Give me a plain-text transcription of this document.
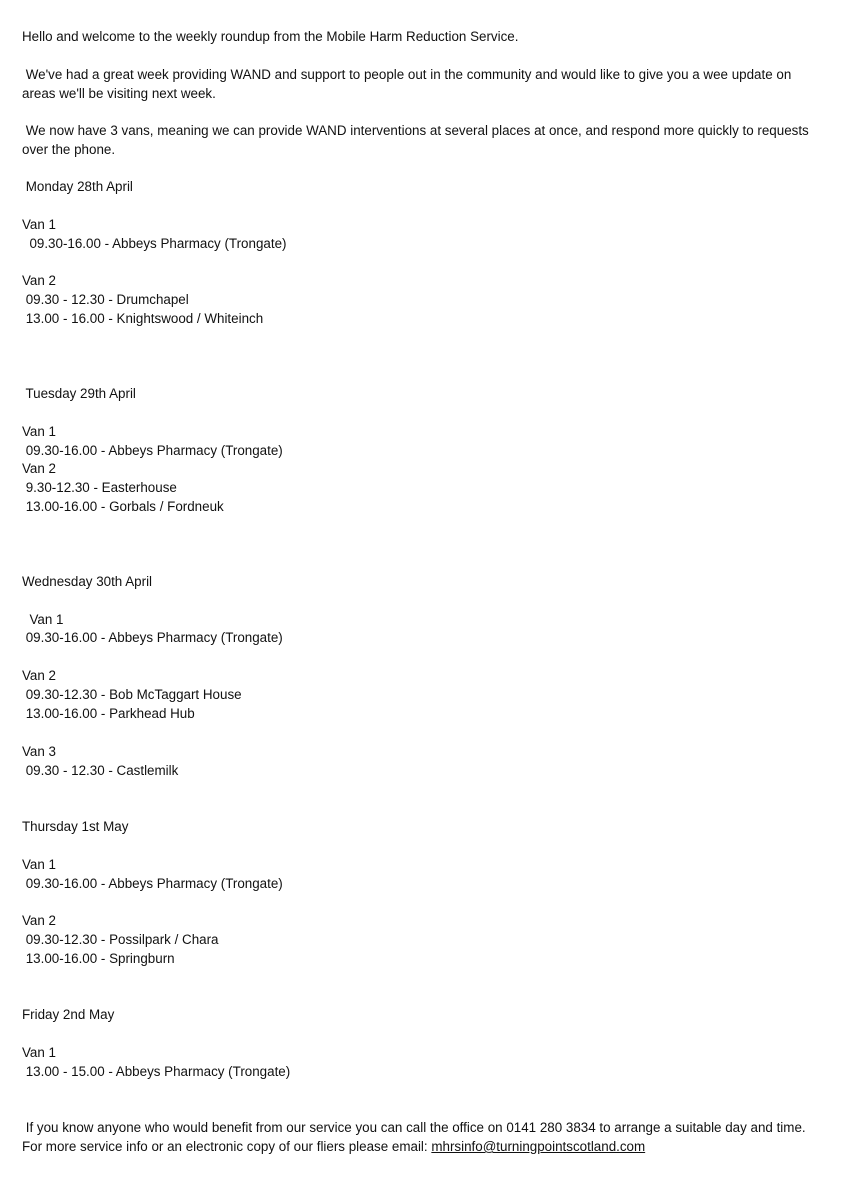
Hello and welcome to the weekly roundup from the Mobile Harm Reduction Service.
We've had a great week providing WAND and support to people out in the community and would like to give you a wee update on areas we'll be visiting next week.
We now have 3 vans, meaning we can provide WAND interventions at several places at once, and respond more quickly to requests over the phone.
Monday 28th April
Van 1
09.30-16.00 - Abbeys Pharmacy (Trongate)
Van 2
09.30 - 12.30 - Drumchapel
13.00 - 16.00 - Knightswood / Whiteinch
Tuesday 29th April
Van 1
09.30-16.00 - Abbeys Pharmacy (Trongate)
Van 2
9.30-12.30 - Easterhouse
13.00-16.00 - Gorbals / Fordneuk
Wednesday 30th April
Van 1
09.30-16.00 - Abbeys Pharmacy (Trongate)
Van 2
09.30-12.30 - Bob McTaggart House
13.00-16.00 - Parkhead Hub
Van 3
09.30 - 12.30 - Castlemilk
Thursday 1st May
Van 1
09.30-16.00 - Abbeys Pharmacy (Trongate)
Van 2
09.30-12.30 - Possilpark / Chara
13.00-16.00 - Springburn
Friday 2nd May
Van 1
13.00 - 15.00 - Abbeys Pharmacy (Trongate)
If you know anyone who would benefit from our service you can call the office on 0141 280 3834 to arrange a suitable day and time. For more service info or an electronic copy of our fliers please email: mhrsinfo@turningpointscotland.com
